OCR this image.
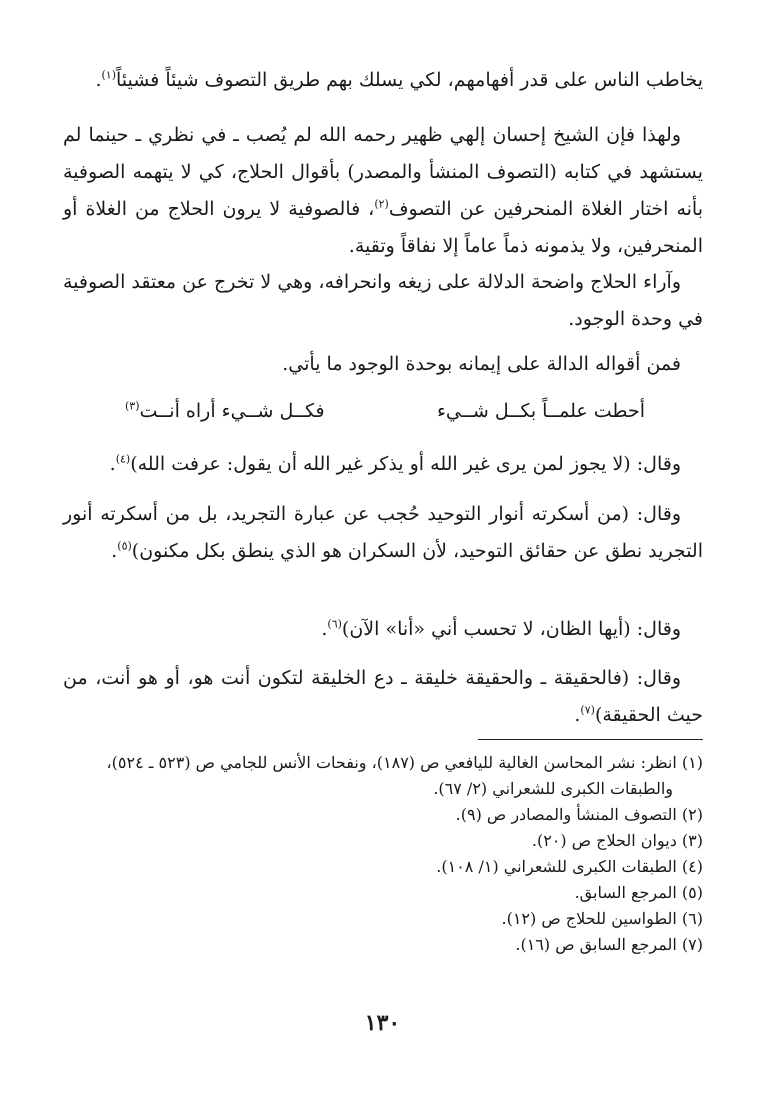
يخاطب الناس على قدر أفهامهم، لكي يسلك بهم طريق التصوف شيئاً فشيئاً$^{(١)}$.

ولهذا فإن الشيخ إحسان إلهي ظهير رحمه الله لم يُصب ـ في نظري ـ حينما لم يستشهد في كتابه (التصوف المنشأ والمصدر) بأقوال الحلاج، كي لا يتهمه الصوفية بأنه اختار الغلاة المنحرفين عن التصوف$^{(٢)}$، فالصوفية لا يرون الحلاج من الغلاة أو المنحرفين، ولا يذمونه ذماً عاماً إلا نفاقاً وتقية.

وآراء الحلاج واضحة الدلالة على زيغه وانحرافه، وهي لا تخرج عن معتقد الصوفية في وحدة الوجود.

فمن أقواله الدالة على إيمانه بوحدة الوجود ما يأتي.

أحطت علمــاً بكــل شــيء
فكــل شــيء أراه أنــت$^{(٣)}$

وقال: (لا يجوز لمن يرى غير الله أو يذكر غير الله أن يقول: عرفت الله)$^{(٤)}$.

وقال: (من أسكرته أنوار التوحيد حُجب عن عبارة التجريد، بل من أسكرته أنور التجريد نطق عن حقائق التوحيد، لأن السكران هو الذي ينطق بكل مكنون)$^{(٥)}$.

وقال: (أيها الظان، لا تحسب أني «أنا» الآن)$^{(٦)}$.

وقال: (فالحقيقة ـ والحقيقة خليقة ـ دع الخليقة لتكون أنت هو، أو هو أنت، من حيث الحقيقة)$^{(٧)}$.

(١) انظر: نشر المحاسن الغالية لليافعي ص (١٨٧)، ونفحات الأنس للجامي ص (٥٢٣ ـ ٥٢٤)،
والطبقات الكبرى للشعراني (٢/ ٦٧).
(٢) التصوف المنشأ والمصادر ص (٩).
(٣) ديوان الحلاج ص (٢٠).
(٤) الطبقات الكبرى للشعراني (١/ ١٠٨).
(٥) المرجع السابق.
(٦) الطواسين للحلاج ص (١٢).
(٧) المرجع السابق ص (١٦).
١٣٠
